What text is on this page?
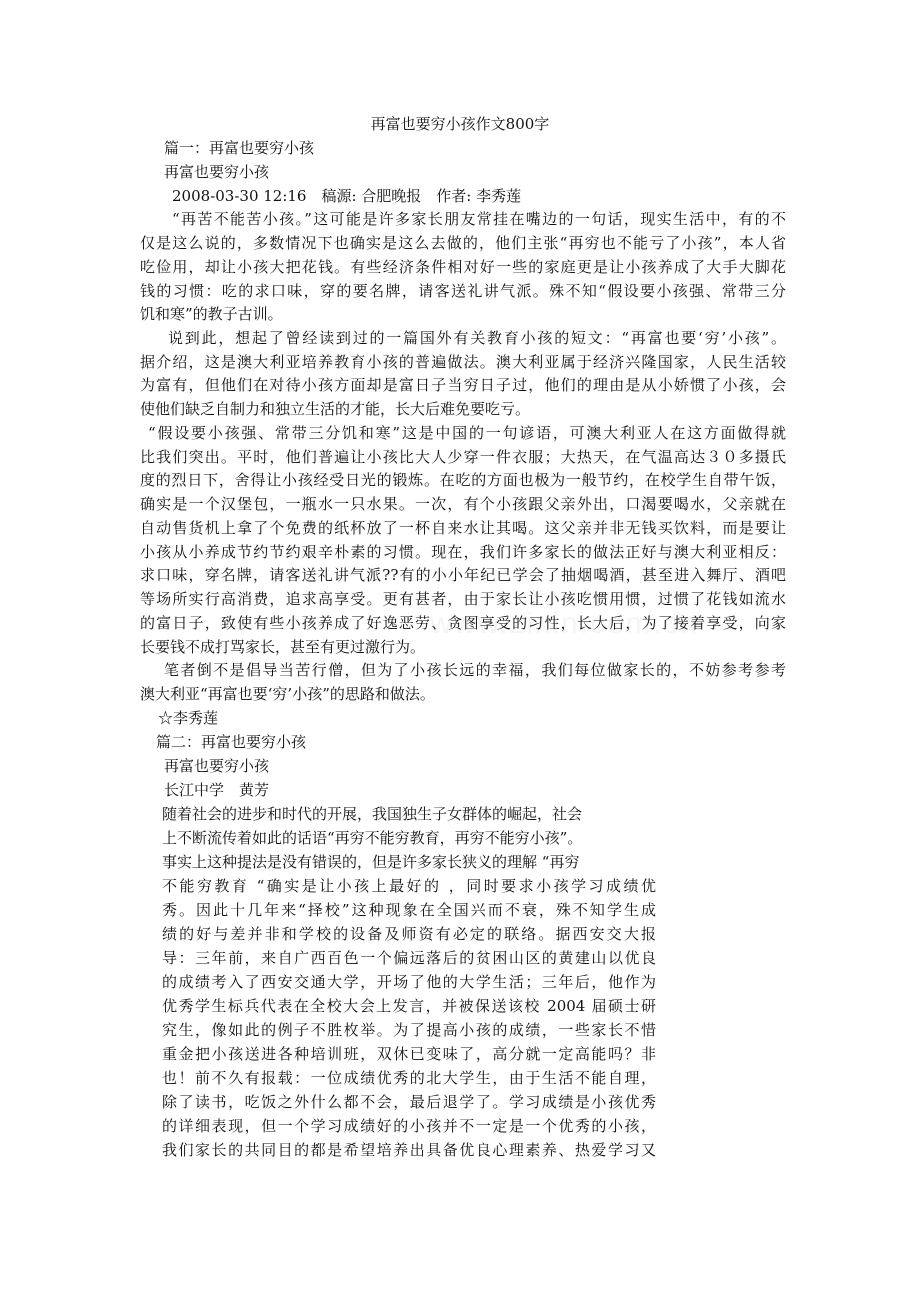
再富也要穷小孩作文800字
篇一：再富也要穷小孩
再富也要穷小孩
2008-03-30 12:16　稿源: 合肥晚报　作者: 李秀莲
“再苦不能苦小孩。”这可能是许多家长朋友常挂在嘴边的一句话，现实生活中，有的不
仅是这么说的，多数情况下也确实是这么去做的，他们主张“再穷也不能亏了小孩”，本人省
吃俭用，却让小孩大把花钱。有些经济条件相对好一些的家庭更是让小孩养成了大手大脚花
钱的习惯：吃的求口味，穿的要名牌，请客送礼讲气派。殊不知“假设要小孩强、常带三分
饥和寒”的教子古训。
说到此，想起了曾经读到过的一篇国外有关教育小孩的短文：“再富也要‘穷’小孩”。
据介绍，这是澳大利亚培养教育小孩的普遍做法。澳大利亚属于经济兴隆国家，人民生活较
为富有，但他们在对待小孩方面却是富日子当穷日子过，他们的理由是从小娇惯了小孩，会
使他们缺乏自制力和独立生活的才能，长大后难免要吃亏。
“假设要小孩强、常带三分饥和寒”这是中国的一句谚语，可澳大利亚人在这方面做得就
比我们突出。平时，他们普遍让小孩比大人少穿一件衣服；大热天，在气温高达３０多摄氏
度的烈日下，舍得让小孩经受日光的锻炼。在吃的方面也极为一般节约，在校学生自带午饭，
确实是一个汉堡包，一瓶水一只水果。一次，有个小孩跟父亲外出，口渴要喝水，父亲就在
自动售货机上拿了个免费的纸杯放了一杯自来水让其喝。这父亲并非无钱买饮料，而是要让
小孩从小养成节约节约艰辛朴素的习惯。现在，我们许多家长的做法正好与澳大利亚相反：
求口味，穿名牌，请客送礼讲气派??有的小小年纪已学会了抽烟喝酒，甚至进入舞厅、酒吧
等场所实行高消费，追求高享受。更有甚者，由于家长让小孩吃惯用惯，过惯了花钱如流水
的富日子，致使有些小孩养成了好逸恶劳、贪图享受的习性，长大后，为了接着享受，向家
长要钱不成打骂家长，甚至有更过激行为。
笔者倒不是倡导当苦行僧，但为了小孩长远的幸福，我们每位做家长的，不妨参考参考
澳大利亚“再富也要‘穷’小孩”的思路和做法。
☆李秀莲
篇二：再富也要穷小孩
再富也要穷小孩
长江中学　黄芳
随着社会的进步和时代的开展，我国独生子女群体的崛起，社会
上不断流传着如此的话语“再穷不能穷教育，再穷不能穷小孩”。
事实上这种提法是没有错误的，但是许多家长狭义的理解 “再穷
不能穷教育 “确实是让小孩上最好的 ，同时要求小孩学习成绩优
秀。因此十几年来“择校”这种现象在全国兴而不衰，殊不知学生成
绩的好与差并非和学校的设备及师资有必定的联络。据西安交大报
导：三年前，来自广西百色一个偏远落后的贫困山区的黄建山以优良
的成绩考入了西安交通大学，开场了他的大学生活；三年后，他作为
优秀学生标兵代表在全校大会上发言，并被保送该校 2004 届硕士研
究生，像如此的例子不胜枚举。为了提高小孩的成绩，一些家长不惜
重金把小孩送进各种培训班，双休已变味了，高分就一定高能吗？非
也！前不久有报载：一位成绩优秀的北大学生，由于生活不能自理，
除了读书，吃饭之外什么都不会，最后退学了。学习成绩是小孩优秀
的详细表现，但一个学习成绩好的小孩并不一定是一个优秀的小孩，
我们家长的共同目的都是希望培养出具备优良心理素养、热爱学习又
